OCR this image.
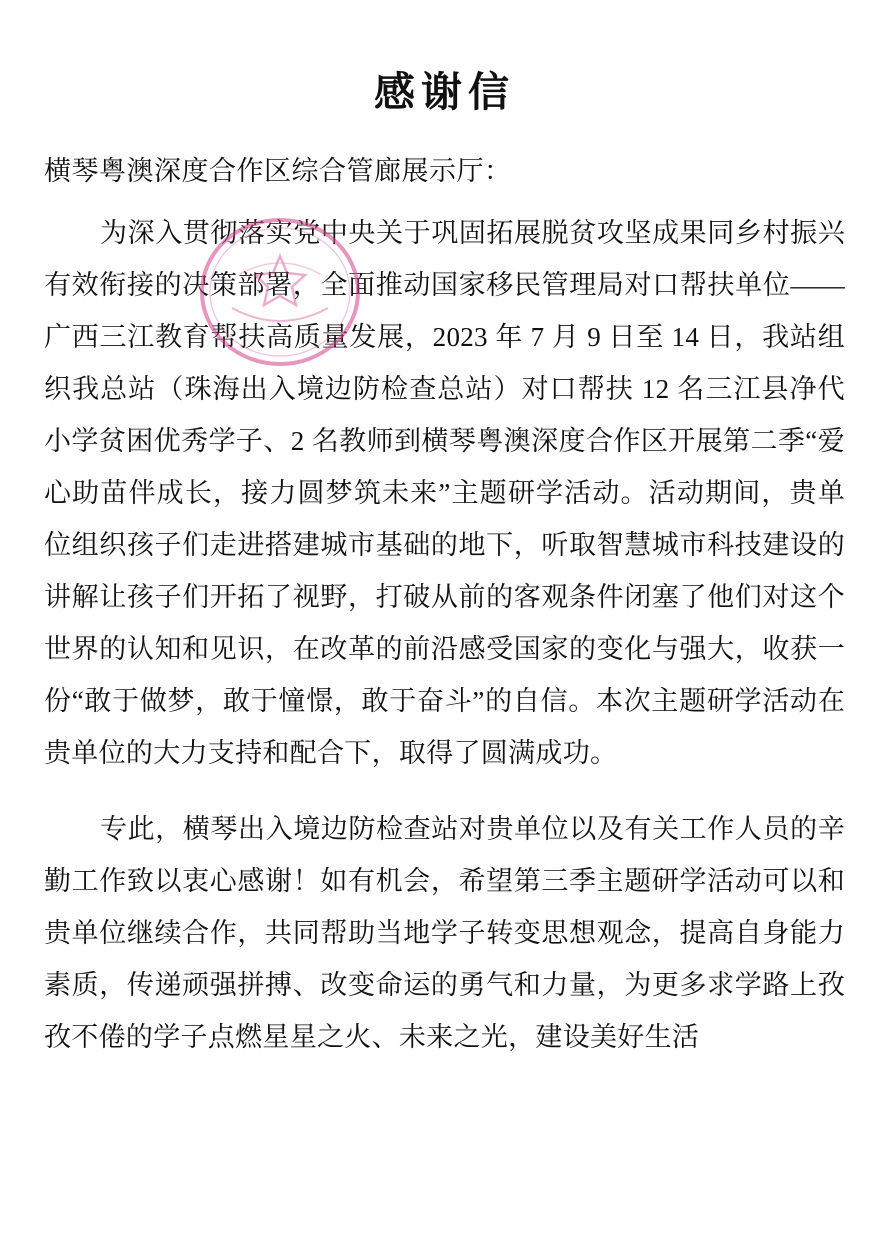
感谢信

横琴粤澳深度合作区综合管廊展示厅：

为深入贯彻落实党中央关于巩固拓展脱贫攻坚成果同乡村振兴有效衔接的决策部署，全面推动国家移民管理局对口帮扶单位——广西三江教育帮扶高质量发展，2023 年 7 月 9 日至 14 日，我站组织我总站（珠海出入境边防检查总站）对口帮扶 12 名三江县净代小学贫困优秀学子、2 名教师到横琴粤澳深度合作区开展第二季“爱心助苗伴成长，接力圆梦筑未来”主题研学活动。活动期间，贵单位组织孩子们走进搭建城市基础的地下，听取智慧城市科技建设的讲解让孩子们开拓了视野，打破从前的客观条件闭塞了他们对这个世界的认知和见识，在改革的前沿感受国家的变化与强大，收获一份“敢于做梦，敢于憧憬，敢于奋斗”的自信。本次主题研学活动在贵单位的大力支持和配合下，取得了圆满成功。

专此，横琴出入境边防检查站对贵单位以及有关工作人员的辛勤工作致以衷心感谢！如有机会，希望第三季主题研学活动可以和贵单位继续合作，共同帮助当地学子转变思想观念，提高自身能力素质，传递顽强拼搏、改变命运的勇气和力量，为更多求学路上孜孜不倦的学子点燃星星之火、未来之光，建设美好生活
